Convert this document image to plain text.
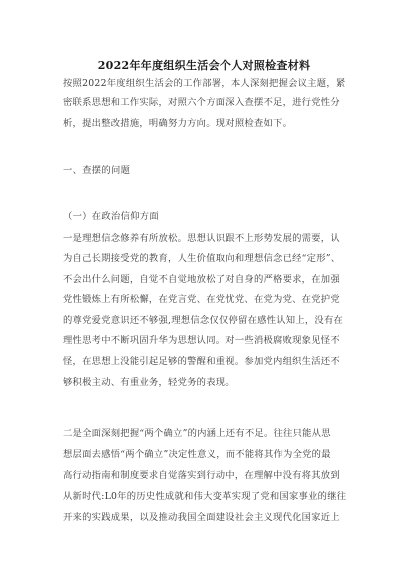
2022年年度组织生活会个人对照检查材料
按照2022年度组织生活会的工作部署，本人深刻把握会议主题，紧
密联系思想和工作实际，对照六个方面深入查摆不足，进行党性分
析，提出整改措施，明确努力方向。现对照检查如下。
一、查摆的问题
（一）在政治信仰方面
一是理想信念修养有所放松。思想认识跟不上形势发展的需要，认
为自己长期接受党的教育，人生价值取向和理想信念已经“定形”、
不会出什么问题，自觉不自觉地放松了对自身的严格要求，在加强
党性锻炼上有所松懈，在党言党、在党忧党、在党为党、在党护党
的尊党爱党意识还不够强,理想信念仅仅停留在感性认知上，没有在
理性思考中不断巩固升华为思想认同。对一些消极腐败现象见怪不
怪，在思想上没能引起足够的警醒和重视。参加党内组织生活还不
够积极主动、有重业务，轻党务的表现。
二是全面深刻把握“两个确立”的内涵上还有不足。往往只能从思
想层面去感悟“两个确立”决定性意义，而不能将其作为全党的最
高行动指南和制度要求自觉落实到行动中，在理解中没有将其放到
从新时代:L0年的历史性成就和伟大变革实现了党和国家事业的继往
开来的实践成果，以及推动我国全面建设社会主义现代化国家近上
